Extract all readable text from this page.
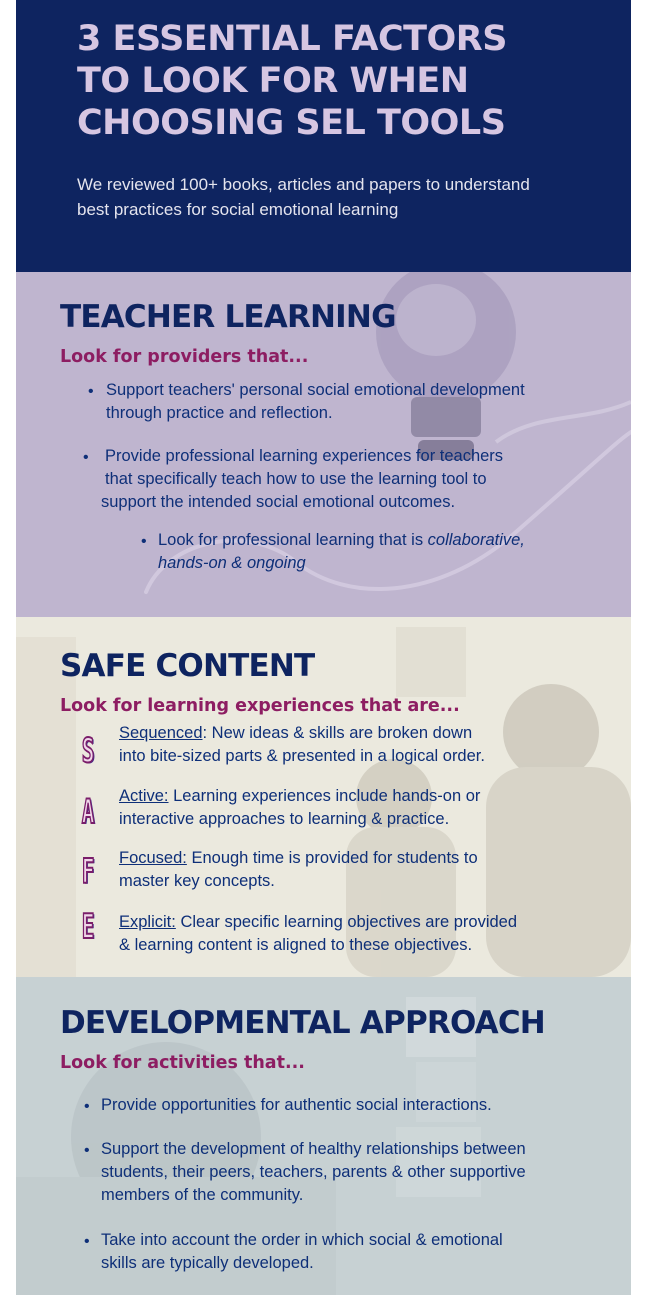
3 ESSENTIAL FACTORS
TO LOOK FOR WHEN
CHOOSING SEL TOOLS
We reviewed 100+ books, articles and papers to understand
best practices for social emotional learning
TEACHER LEARNING
Look for providers that...
• Support teachers' personal social emotional development
through practice and reflection.
• Provide professional learning experiences for teachers
that specifically teach how to use the learning tool to
support the intended social emotional outcomes.
• Look for professional learning that is collaborative,
hands-on & ongoing
SAFE CONTENT
Look for learning experiences that are...
S Sequenced: New ideas & skills are broken down
into bite-sized parts & presented in a logical order.
A Active: Learning experiences include hands-on or
interactive approaches to learning & practice.
F Focused: Enough time is provided for students to
master key concepts.
E Explicit: Clear specific learning objectives are provided
& learning content is aligned to these objectives.
DEVELOPMENTAL APPROACH
Look for activities that...
• Provide opportunities for authentic social interactions.
• Support the development of healthy relationships between
students, their peers, teachers, parents & other supportive
members of the community.
• Take into account the order in which social & emotional
skills are typically developed.
